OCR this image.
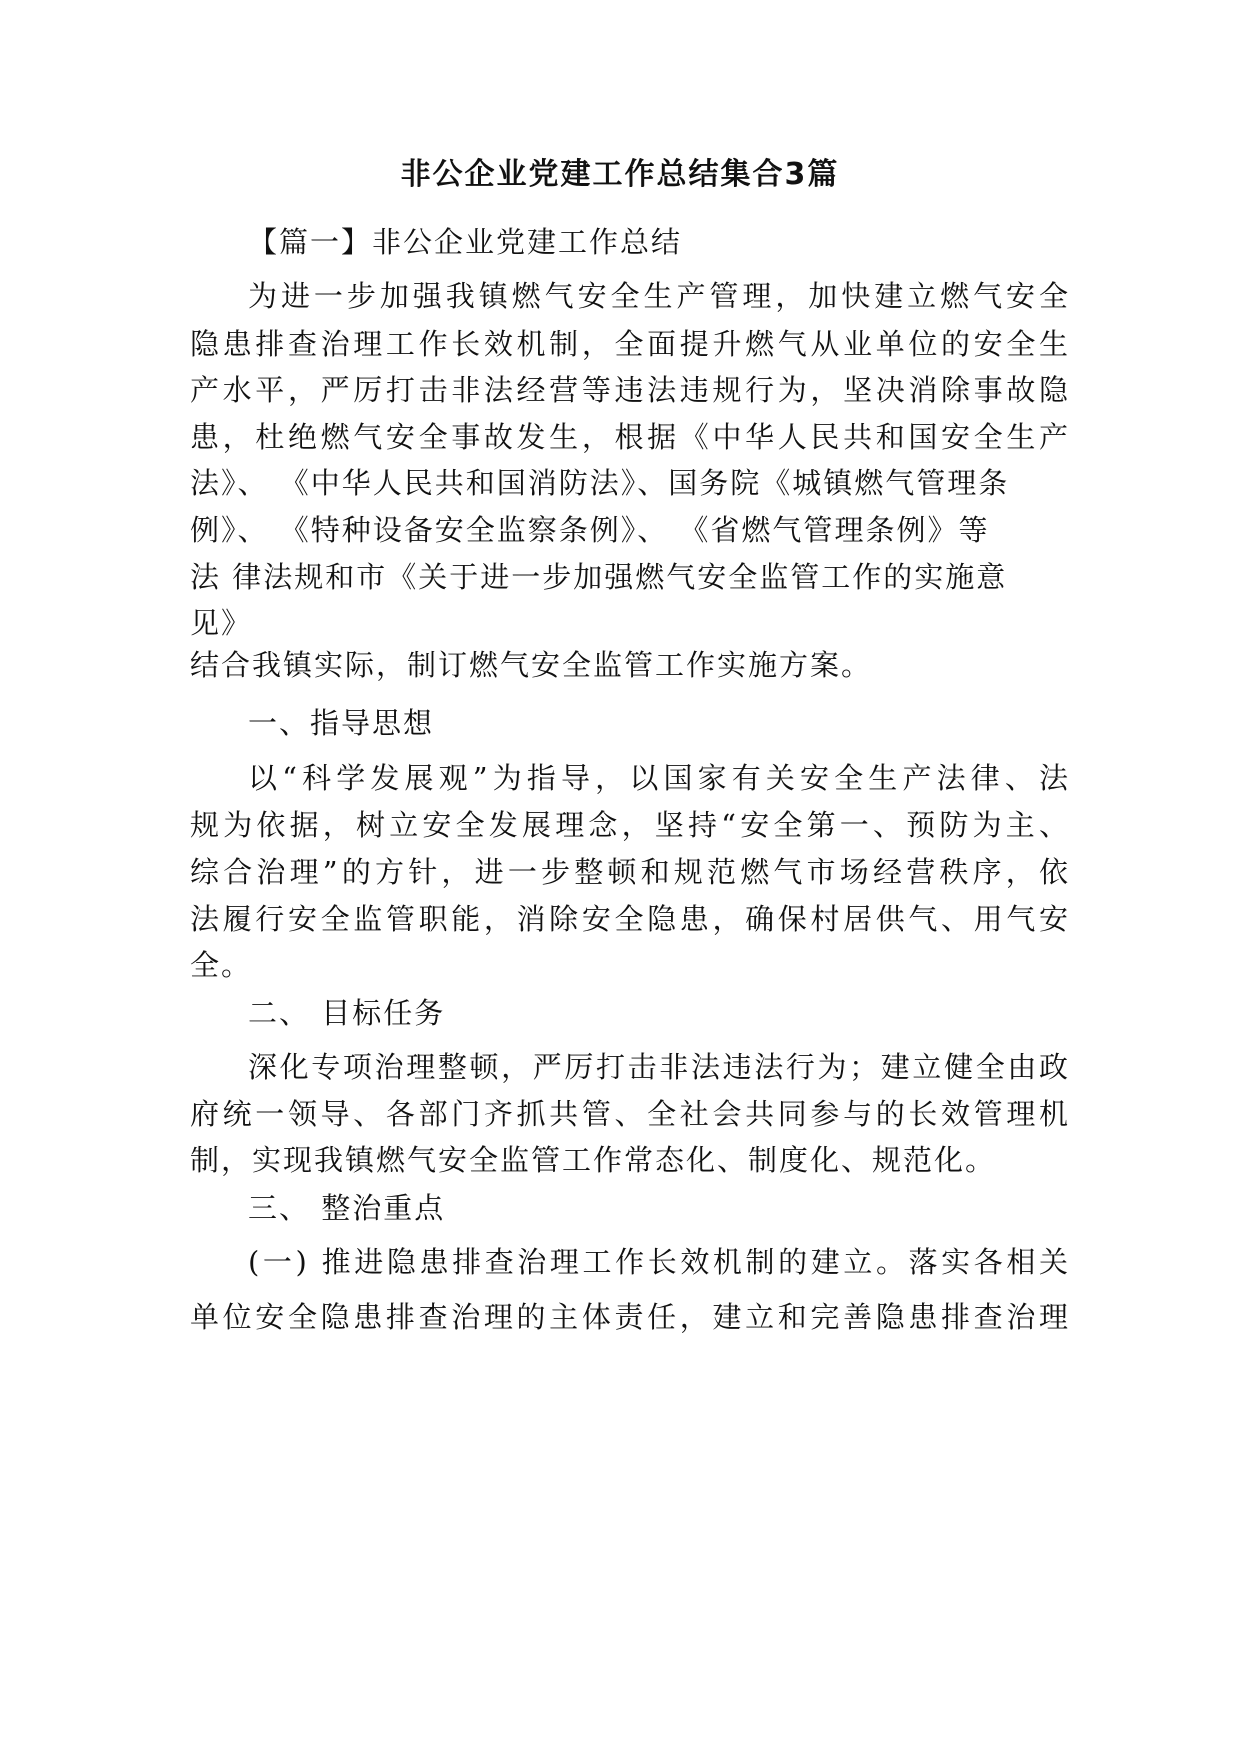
非公企业党建工作总结集合3篇
【篇一】非公企业党建工作总结
为进一步加强我镇燃气安全生产管理，加快建立燃气安全
隐患排查治理工作长效机制，全面提升燃气从业单位的安全生
产水平，严厉打击非法经营等违法违规行为，坚决消除事故隐
患，杜绝燃气安全事故发生，根据《中华人民共和国安全生产
法》、 《中华人民共和国消防法》、国务院《城镇燃气管理条
例》、 《特种设备安全监察条例》、 《省燃气管理条例》等
法 律法规和市《关于进一步加强燃气安全监管工作的实施意
见》
结合我镇实际，制订燃气安全监管工作实施方案。
一、指导思想
以“科学发展观”为指导，以国家有关安全生产法律、法
规为依据，树立安全发展理念，坚持“安全第一、预防为主、
综合治理”的方针，进一步整顿和规范燃气市场经营秩序，依
法履行安全监管职能，消除安全隐患，确保村居供气、用气安
全。
二、 目标任务
深化专项治理整顿，严厉打击非法违法行为；建立健全由政
府统一领导、各部门齐抓共管、全社会共同参与的长效管理机
制，实现我镇燃气安全监管工作常态化、制度化、规范化。
三、 整治重点
(一) 推进隐患排查治理工作长效机制的建立。落实各相关
单位安全隐患排查治理的主体责任，建立和完善隐患排查治理
